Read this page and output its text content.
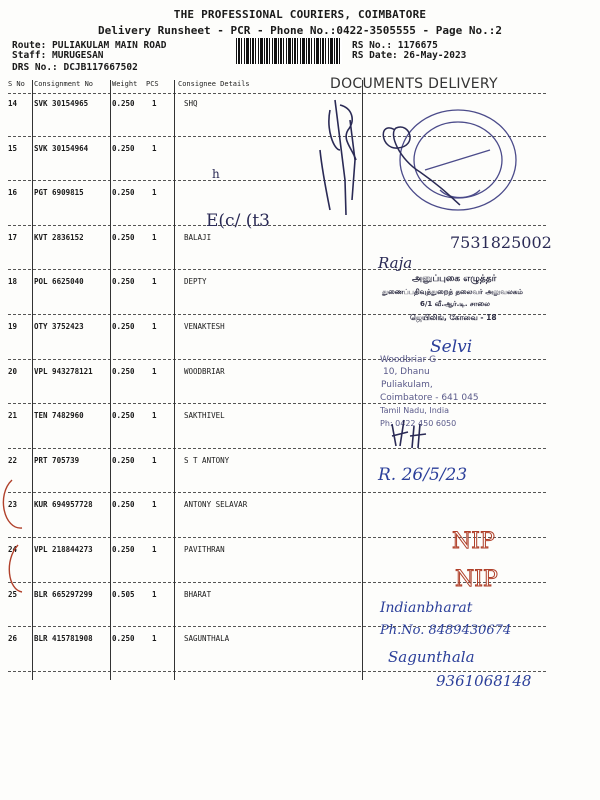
THE PROFESSIONAL COURIERS, COIMBATORE
Delivery Runsheet - PCR - Phone No.:0422-3505555 - Page No.:2
Route: PULIAKULAM MAIN ROAD
Staff: MURUGESAN
DRS No.: DCJB117667502
RS No.: 1176675
RS Date: 26-May-2023
DOCUMENTS DELIVERY
S No Consignment No	Weight PCS	Consignee Details
14 SVK 30154965	0.250 1	SHQ
15 SVK 30154964	0.250 1
16 PGT 6909815	0.250 1
17 KVT 2836152	0.250 1	BALAJI
18 POL 6625040	0.250 1	DEPTY
19 OTY 3752423	0.250 1	VENAKTESH
20 VPL 943278121	0.250 1	WOODBRIAR
21 TEN 7482960	0.250 1	SAKTHIVEL
22 PRT 705739	0.250 1	S T ANTONY
23 KUR 694957728	0.250 1	ANTONY SELAVAR
24 VPL 218844273	0.250 1	PAVITHRAN
25 BLR 665297299	0.505 1	BHARAT
26 BLR 415781908	0.250 1	SAGUNTHALA
h
E(c/ (t3
7531825002
Raja
அனுப்புகை எழுத்தர்
துணைப்பதிவுத்துறைத் தலைவர் அலுவலகம்
6/1 வீ.ஆர்.டி. சாலை
ஜெயிலிங், கோவை - 18
Selvi
Woodbriar G
10, Dhanu
Puliakulam,
Coimbatore - 641 045
Tamil Nadu, India
Ph: 0422 450 6050
R. 26/5/23
NIP
NIP
Indianbharat
Ph.No. 8489430674
Sagunthala
9361068148
